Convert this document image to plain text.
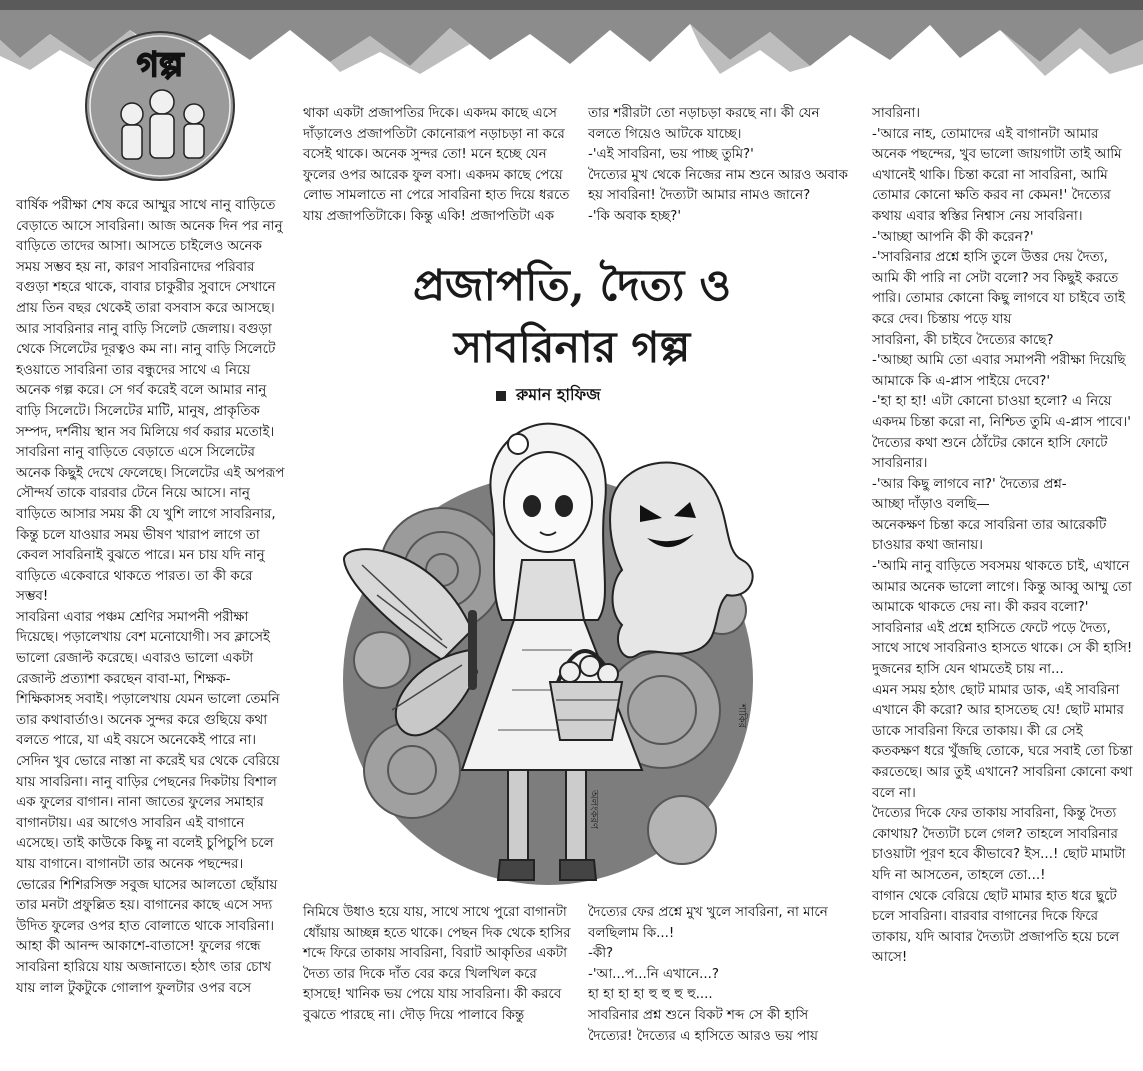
গল্প

বার্ষিক পরীক্ষা শেষ করে আম্মুর সাথে নানু বাড়িতে বেড়াতে আসে সাবরিনা। আজ অনেক দিন পর নানু বাড়িতে তাদের আসা। আসতে চাইলেও অনেক সময় সম্ভব হয় না, কারণ সাবরিনাদের পরিবার বগুড়া শহরে থাকে, বাবার চাকুরীর সুবাদে সেখানে প্রায় তিন বছর থেকেই তারা বসবাস করে আসছে। আর সাবরিনার নানু বাড়ি সিলেট জেলায়। বগুড়া থেকে সিলেটের দূরত্বও কম না। নানু বাড়ি সিলেটে হওয়াতে সাবরিনা তার বন্ধুদের সাথে এ নিয়ে অনেক গল্প করে। সে গর্ব করেই বলে আমার নানু বাড়ি সিলেটে। সিলেটের মাটি, মানুষ, প্রাকৃতিক সম্পদ, দর্শনীয় স্থান সব মিলিয়ে গর্ব করার মতোই। সাবরিনা নানু বাড়িতে বেড়াতে এসে সিলেটের অনেক কিছুই দেখে ফেলেছে। সিলেটের এই অপরূপ সৌন্দর্য তাকে বারবার টেনে নিয়ে আসে। নানু বাড়িতে আসার সময় কী যে খুশি লাগে সাবরিনার, কিন্তু চলে যাওয়ার সময় ভীষণ খারাপ লাগে তা কেবল সাবরিনাই বুঝতে পারে। মন চায় যদি নানু বাড়িতে একেবারে থাকতে পারত। তা কী করে সম্ভব!
সাবরিনা এবার পঞ্চম শ্রেণির সমাপনী পরীক্ষা দিয়েছে। পড়ালেখায় বেশ মনোযোগী। সব ক্লাসেই ভালো রেজাল্ট করেছে। এবারও ভালো একটা রেজাল্ট প্রত্যাশা করছেন বাবা-মা, শিক্ষক-শিক্ষিকাসহ সবাই। পড়ালেখায় যেমন ভালো তেমনি তার কথাবার্তাও। অনেক সুন্দর করে গুছিয়ে কথা বলতে পারে, যা এই বয়সে অনেকেই পারে না।
সেদিন খুব ভোরে নাস্তা না করেই ঘর থেকে বেরিয়ে যায় সাবরিনা। নানু বাড়ির পেছনের দিকটায় বিশাল এক ফুলের বাগান। নানা জাতের ফুলের সমাহার বাগানটায়। এর আগেও সাবরিন এই বাগানে এসেছে। তাই কাউকে কিছু না বলেই চুপিচুপি চলে যায় বাগানে। বাগানটা তার অনেক পছন্দের। ভোরের শিশিরসিক্ত সবুজ ঘাসের আলতো ছোঁয়ায় তার মনটা প্রফুল্লিত হয়। বাগানের কাছে এসে সদ্য উদিত ফুলের ওপর হাত বোলাতে থাকে সাবরিনা। আহা কী আনন্দ আকাশে-বাতাসে! ফুলের গন্ধে সাবরিনা হারিয়ে যায় অজানাতে। হঠাৎ তার চোখ যায় লাল টুকটুকে গোলাপ ফুলটার ওপর বসে

থাকা একটা প্রজাপতির দিকে। একদম কাছে এসে দাঁড়ালেও প্রজাপতিটা কোনোরূপ নড়াচড়া না করে বসেই থাকে। অনেক সুন্দর তো! মনে হচ্ছে যেন ফুলের ওপর আরেক ফুল বসা। একদম কাছে পেয়ে লোভ সামলাতে না পেরে সাবরিনা হাত দিয়ে ধরতে যায় প্রজাপতিটাকে। কিন্তু একি! প্রজাপতিটা এক

তার শরীরটা তো নড়াচড়া করছে না। কী যেন বলতে গিয়েও আটকে যাচ্ছে।
-'এই সাবরিনা, ভয় পাচ্ছ তুমি?'
দৈত্যের মুখ থেকে নিজের নাম শুনে আরও অবাক হয় সাবরিনা! দৈত্যটা আমার নামও জানে?
-'কি অবাক হচ্ছ?'

সাবরিনা।
-'আরে নাহ, তোমাদের এই বাগানটা আমার অনেক পছন্দের, খুব ভালো জায়গাটা তাই আমি এখানেই থাকি। চিন্তা করো না সাবরিনা, আমি তোমার কোনো ক্ষতি করব না কেমন!' দৈত্যের কথায় এবার স্বস্তির নিশ্বাস নেয় সাবরিনা।
-'আচ্ছা আপনি কী কী করেন?'
-'সাবরিনার প্রশ্নে হাসি তুলে উত্তর দেয় দৈত্য, আমি কী পারি না সেটা বলো? সব কিছুই করতে পারি। তোমার কোনো কিছু লাগবে যা চাইবে তাই করে দেব। চিন্তায় পড়ে যায়
সাবরিনা, কী চাইবে দৈত্যের কাছে?
-'আচ্ছা আমি তো এবার সমাপনী পরীক্ষা দিয়েছি আমাকে কি এ-প্লাস পাইয়ে দেবে?'
-'হা হা হা! এটা কোনো চাওয়া হলো? এ নিয়ে একদম চিন্তা করো না, নিশ্চিত তুমি এ-প্লাস পাবে।'
দৈত্যের কথা শুনে ঠোঁটের কোনে হাসি ফোটে সাবরিনার।
-'আর কিছু লাগবে না?' দৈত্যের প্রশ্ন-
আচ্ছা দাঁড়াও বলছি—
অনেকক্ষণ চিন্তা করে সাবরিনা তার আরেকটি চাওয়ার কথা জানায়।
-'আমি নানু বাড়িতে সবসময় থাকতে চাই, এখানে আমার অনেক ভালো লাগে। কিন্তু আব্বু আম্মু তো আমাকে থাকতে দেয় না। কী করব বলো?'
সাবরিনার এই প্রশ্নে হাসিতে ফেটে পড়ে দৈত্য, সাথে সাথে সাবরিনাও হাসতে থাকে। সে কী হাসি! দুজনের হাসি যেন থামতেই চায় না...
এমন সময় হঠাৎ ছোট মামার ডাক, এই সাবরিনা এখানে কী করো? আর হাসতেছ যে! ছোট মামার ডাকে সাবরিনা ফিরে তাকায়। কী রে সেই কতকক্ষণ ধরে খুঁজছি তোকে, ঘরে সবাই তো চিন্তা করতেছে। আর তুই এখানে? সাবরিনা কোনো কথা বলে না।
দৈত্যের দিকে ফের তাকায় সাবরিনা, কিন্তু দৈত্য কোথায়? দৈত্যটা চলে গেল? তাহলে সাবরিনার চাওয়াটা পূরণ হবে কীভাবে? ইস...! ছোট মামাটা যদি না আসতেন, তাহলে তো...!
বাগান থেকে বেরিয়ে ছোট মামার হাত ধরে ছুটে চলে সাবরিনা। বারবার বাগানের দিকে ফিরে তাকায়, যদি আবার দৈত্যটা প্রজাপতি হয়ে চলে আসে!

প্রজাপতি, দৈত্য ও
সাবরিনার গল্প
রুমান হাফিজ
অলংকরণ
শাকির

নিমিষে উধাও হয়ে যায়, সাথে সাথে পুরো বাগানটা ধোঁয়ায় আচ্ছন্ন হতে থাকে। পেছন দিক থেকে হাসির শব্দে ফিরে তাকায় সাবরিনা, বিরাট আকৃতির একটা দৈত্য তার দিকে দাঁত বের করে খিলখিল করে হাসছে! খানিক ভয় পেয়ে যায় সাবরিনা। কী করবে বুঝতে পারছে না। দৌড় দিয়ে পালাবে কিন্তু

দৈত্যের ফের প্রশ্নে মুখ খুলে সাবরিনা, না মানে বলছিলাম কি...!
-কী?
-'আ...প...নি এখানে...?
হা হা হা হা হু হু হু হু....
সাবরিনার প্রশ্ন শুনে বিকট শব্দ সে কী হাসি দৈত্যের! দৈত্যের এ হাসিতে আরও ভয় পায়
